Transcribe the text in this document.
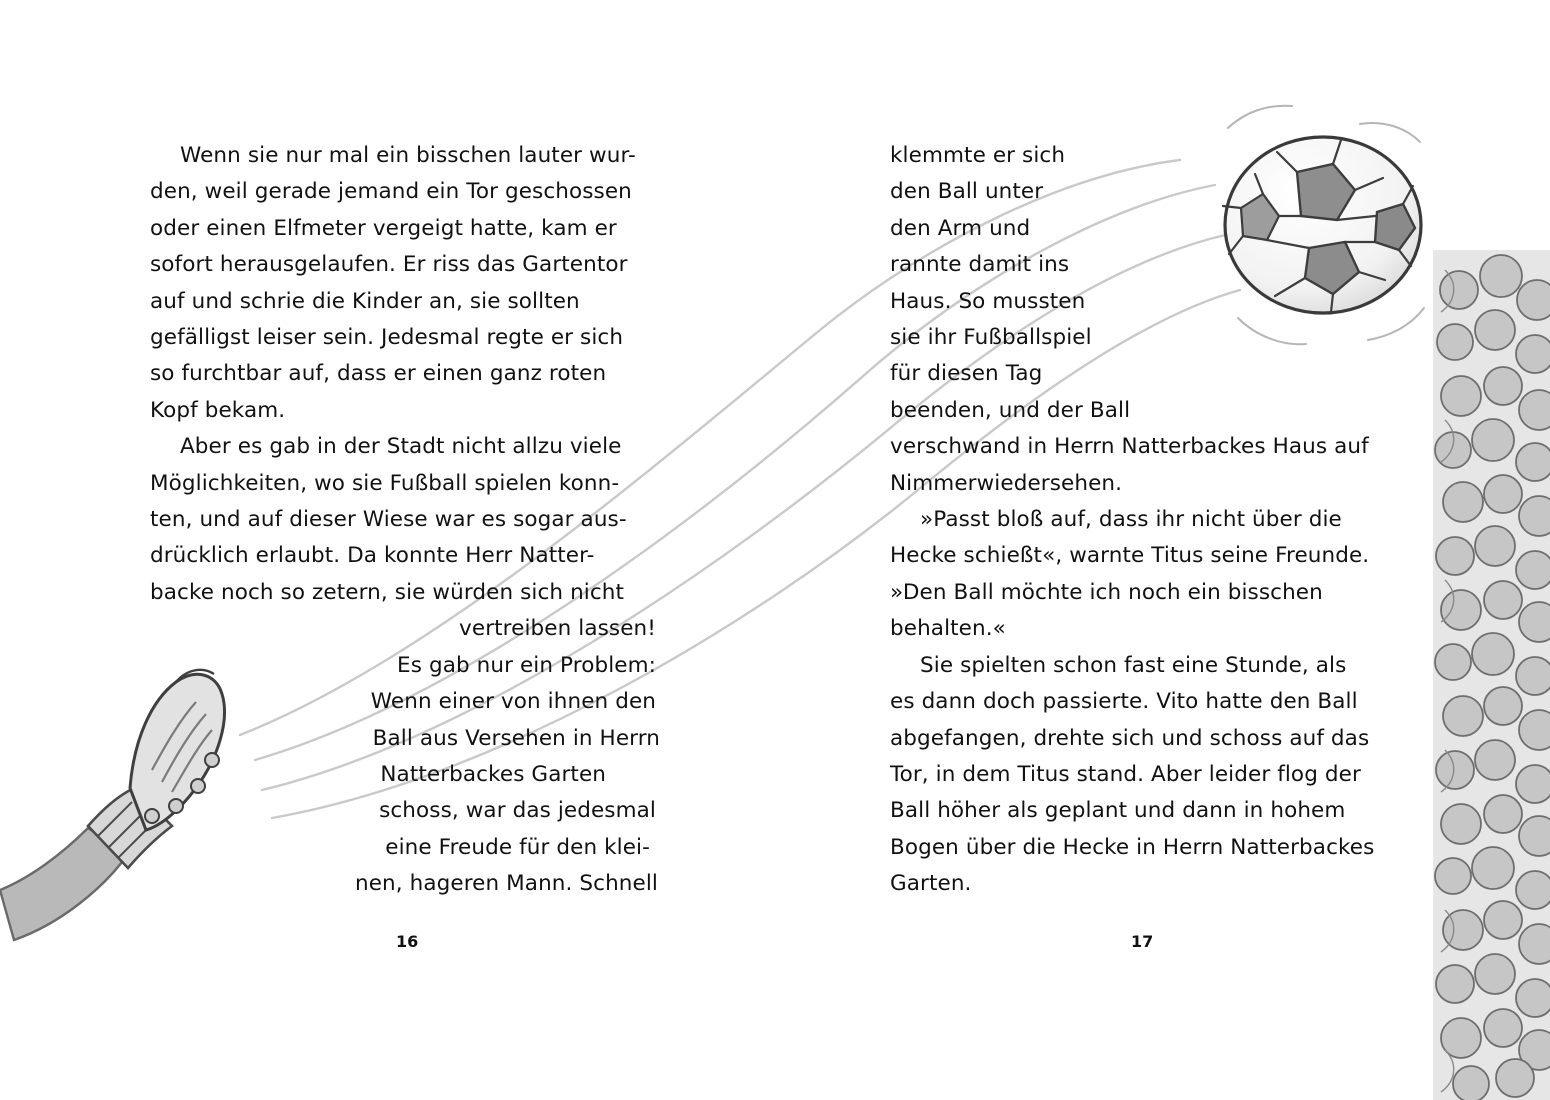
Wenn sie nur mal ein bisschen lauter wur-
den, weil gerade jemand ein Tor geschossen
oder einen Elfmeter vergeigt hatte, kam er
sofort herausgelaufen. Er riss das Gartentor
auf und schrie die Kinder an, sie sollten
gefälligst leiser sein. Jedesmal regte er sich
so furchtbar auf, dass er einen ganz roten
Kopf bekam.

Aber es gab in der Stadt nicht allzu viele
Möglichkeiten, wo sie Fußball spielen konn-
ten, und auf dieser Wiese war es sogar aus-
drücklich erlaubt. Da konnte Herr Natter-
backe noch so zetern, sie würden sich nicht
vertreiben lassen!

Es gab nur ein Problem:
Wenn einer von ihnen den
Ball aus Versehen in Herrn
Natterbackes Garten
schoss, war das jedesmal
eine Freude für den klei-
nen, hageren Mann. Schnell

klemmte er sich
den Ball unter
den Arm und
rannte damit ins
Haus. So mussten
sie ihr Fußballspiel
für diesen Tag
beenden, und der Ball
verschwand in Herrn Natterbackes Haus auf
Nimmerwiedersehen.

»Passt bloß auf, dass ihr nicht über die
Hecke schießt«, warnte Titus seine Freunde.
»Den Ball möchte ich noch ein bisschen
behalten.«

Sie spielten schon fast eine Stunde, als
es dann doch passierte. Vito hatte den Ball
abgefangen, drehte sich und schoss auf das
Tor, in dem Titus stand. Aber leider flog der
Ball höher als geplant und dann in hohem
Bogen über die Hecke in Herrn Natterbackes
Garten.

16	17
